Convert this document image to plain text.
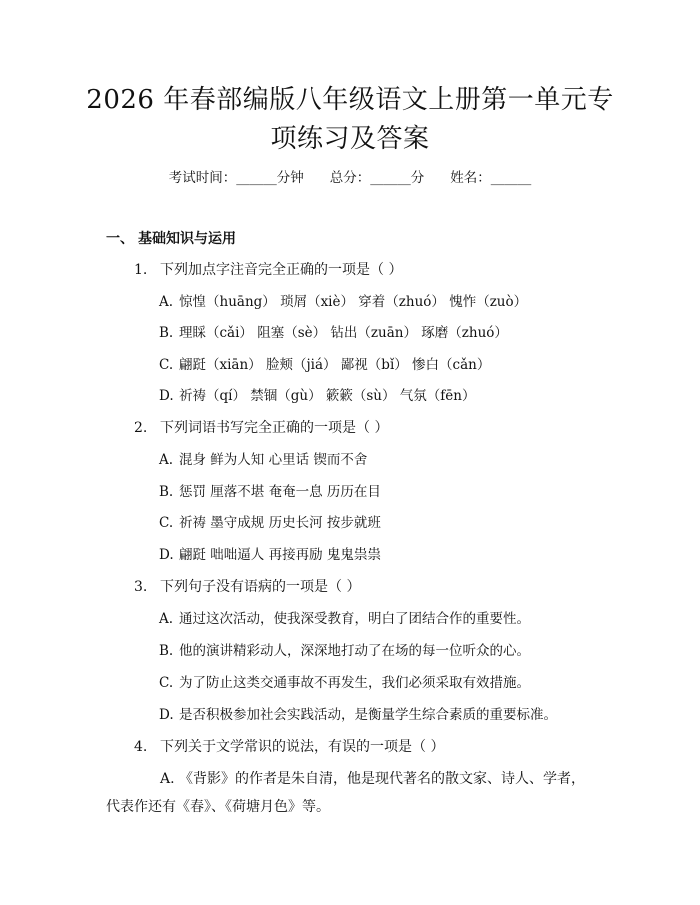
2026 年春部编版八年级语文上册第一单元专
项练习及答案
考试时间：______分钟 总分：______分 姓名：______
一、 基础知识与运用
1. 下列加点字注音完全正确的一项是（ ）
A. 惊惶（huāng） 琐屑（xiè） 穿着（zhuó） 愧怍（zuò）
B. 理睬（cǎi） 阻塞（sè） 钻出（zuān） 琢磨（zhuó）
C. 翩跹（xiān） 脸颊（jiá） 鄙视（bǐ） 惨白（cǎn）
D. 祈祷（qí） 禁锢（gù） 簌簌（sù） 气氛（fēn）
2. 下列词语书写完全正确的一项是（ ）
A. 混身 鲜为人知 心里话 锲而不舍
B. 惩罚 厘落不堪 奄奄一息 历历在目
C. 祈祷 墨守成规 历史长河 按步就班
D. 翩跹 咄咄逼人 再接再励 鬼鬼祟祟
3. 下列句子没有语病的一项是（ ）
A. 通过这次活动，使我深受教育，明白了团结合作的重要性。
B. 他的演讲精彩动人，深深地打动了在场的每一位听众的心。
C. 为了防止这类交通事故不再发生，我们必须采取有效措施。
D. 是否积极参加社会实践活动，是衡量学生综合素质的重要标准。
4. 下列关于文学常识的说法，有误的一项是（ ）
A. 《背影》的作者是朱自清，他是现代著名的散文家、诗人、学者，代表作还有《春》、《荷塘月色》等。
